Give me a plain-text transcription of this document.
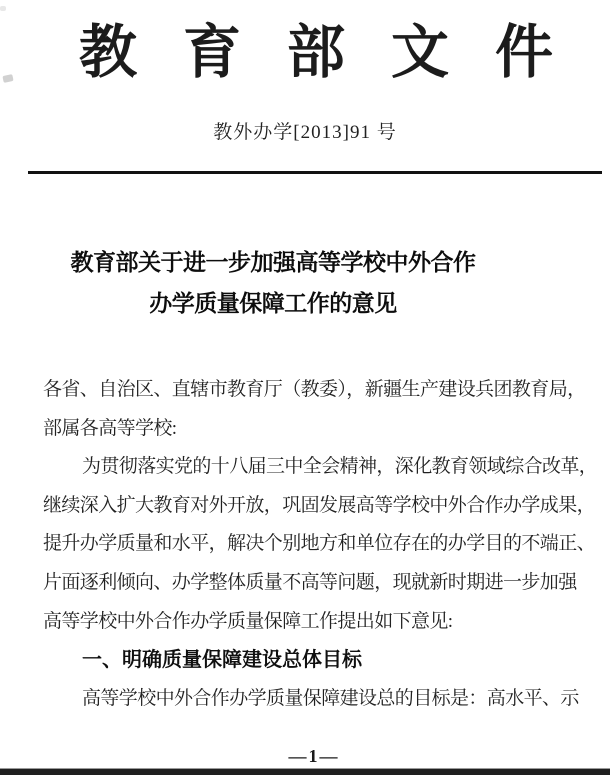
教育部文件
教外办学[2013]91 号
教育部关于进一步加强高等学校中外合作
办学质量保障工作的意见
各省、自治区、直辖市教育厅（教委），新疆生产建设兵团教育局，
部属各高等学校:
为贯彻落实党的十八届三中全会精神，深化教育领域综合改革，
继续深入扩大教育对外开放，巩固发展高等学校中外合作办学成果，
提升办学质量和水平，解决个别地方和单位存在的办学目的不端正、
片面逐利倾向、办学整体质量不高等问题，现就新时期进一步加强
高等学校中外合作办学质量保障工作提出如下意见:
一、明确质量保障建设总体目标
高等学校中外合作办学质量保障建设总的目标是：高水平、示
—1—
